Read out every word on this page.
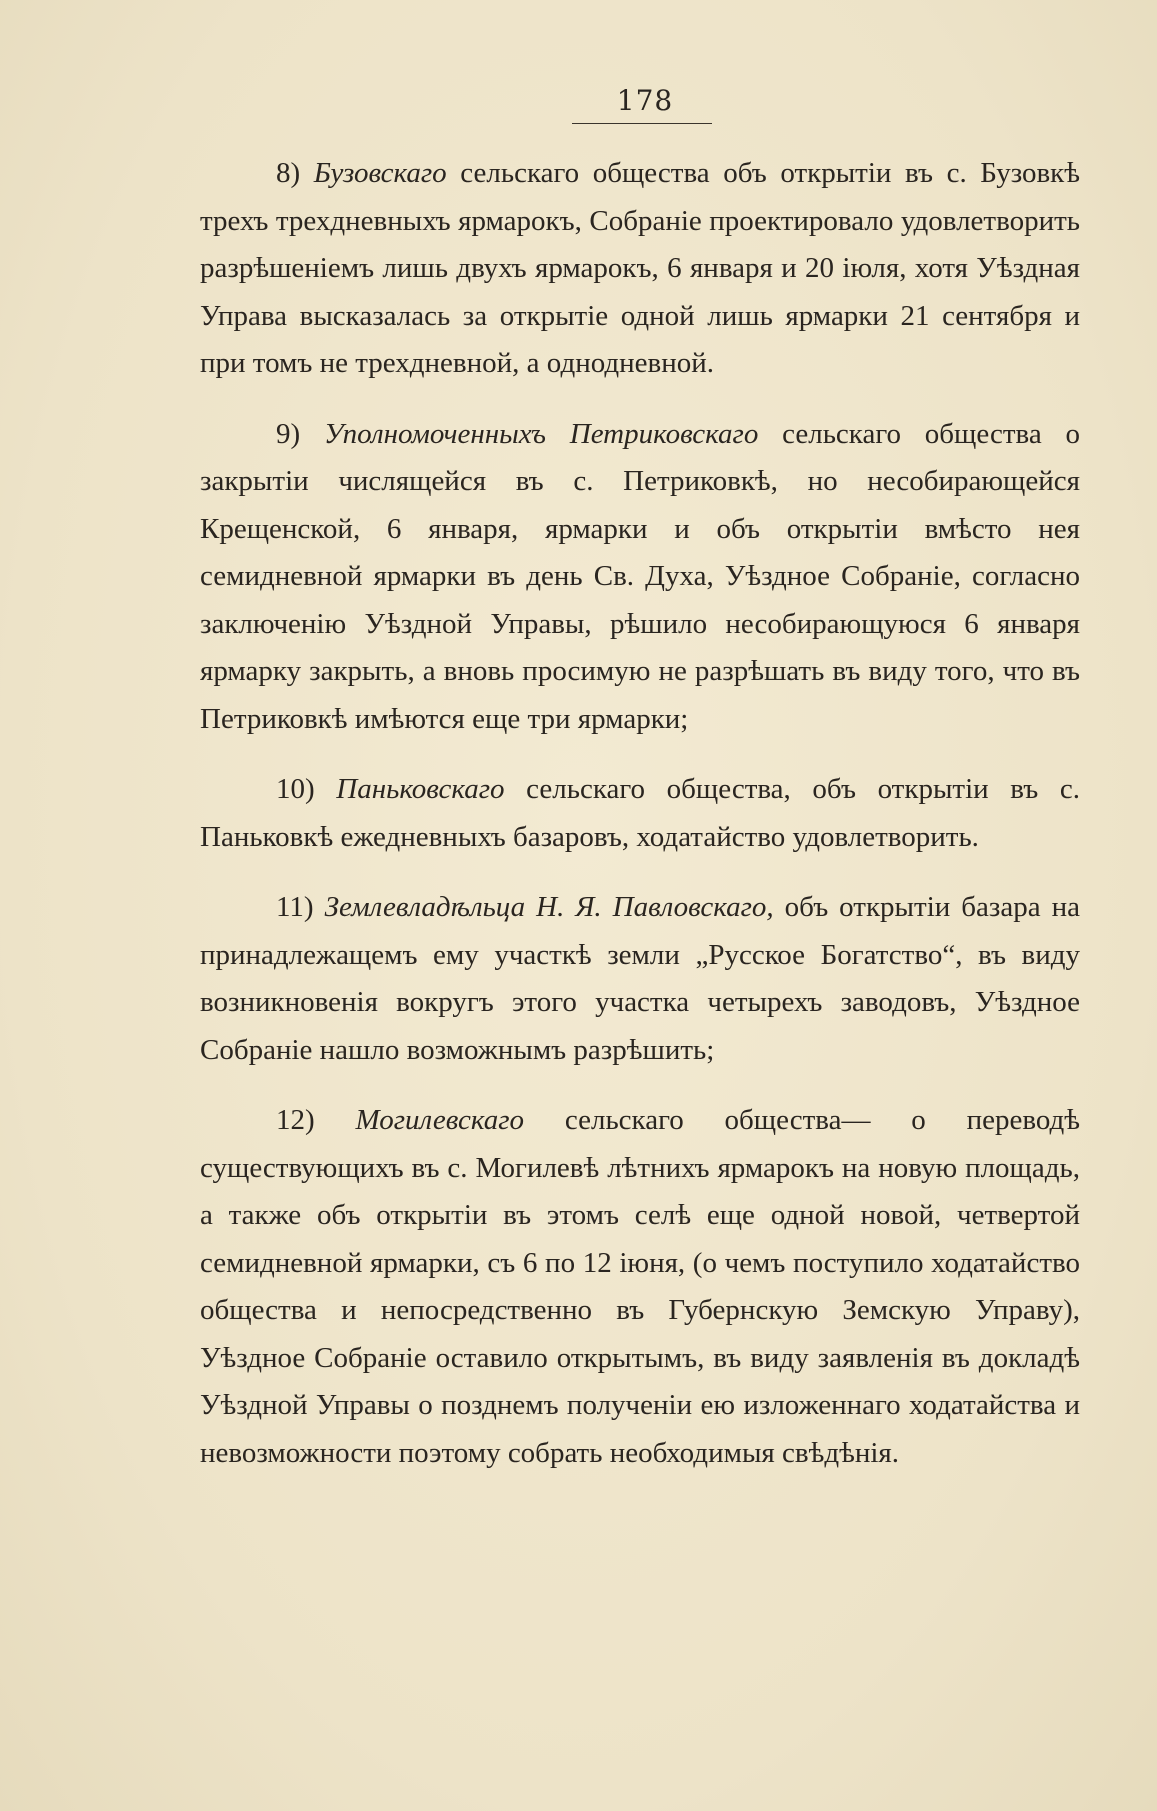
178

8) Бузовскаго сельскаго общества объ открытіи въ с. Бузовкѣ трехъ трехдневныхъ ярмарокъ, Собраніе проектировало удовлетворить разрѣшеніемъ лишь двухъ ярмарокъ, 6 января и 20 іюля, хотя Уѣздная Управа высказалась за открытіе одной лишь ярмарки 21 сентября и при томъ не трехдневной, а однодневной.

9) Уполномоченныхъ Петриковскаго сельскаго общества о закрытіи числящейся въ с. Петриковкѣ, но несобирающейся Крещенской, 6 января, ярмарки и объ открытіи вмѣсто нея семидневной ярмарки въ день Св. Духа, Уѣздное Собраніе, согласно заключенію Уѣздной Управы, рѣшило несобирающуюся 6 января ярмарку закрыть, а вновь просимую не разрѣшать въ виду того, что въ Петриковкѣ имѣются еще три ярмарки;

10) Паньковскаго сельскаго общества, объ открытіи въ с. Паньковкѣ ежедневныхъ базаровъ, ходатайство удовлетворить.

11) Землевладѣльца Н. Я. Павловскаго, объ открытіи базара на принадлежащемъ ему участкѣ земли „Русское Богатство“, въ виду возникновенія вокругъ этого участка четырехъ заводовъ, Уѣздное Собраніе нашло возможнымъ разрѣшить;

12) Могилевскаго сельскаго общества— о переводѣ существующихъ въ с. Могилевѣ лѣтнихъ ярмарокъ на новую площадь, а также объ открытіи въ этомъ селѣ еще одной новой, четвертой семидневной ярмарки, съ 6 по 12 іюня, (о чемъ поступило ходатайство общества и непосредственно въ Губернскую Земскую Управу), Уѣздное Собраніе оставило открытымъ, въ виду заявленія въ докладѣ Уѣздной Управы о позднемъ полученіи ею изложеннаго ходатайства и невозможности поэтому собрать необходимыя свѣдѣнія.
